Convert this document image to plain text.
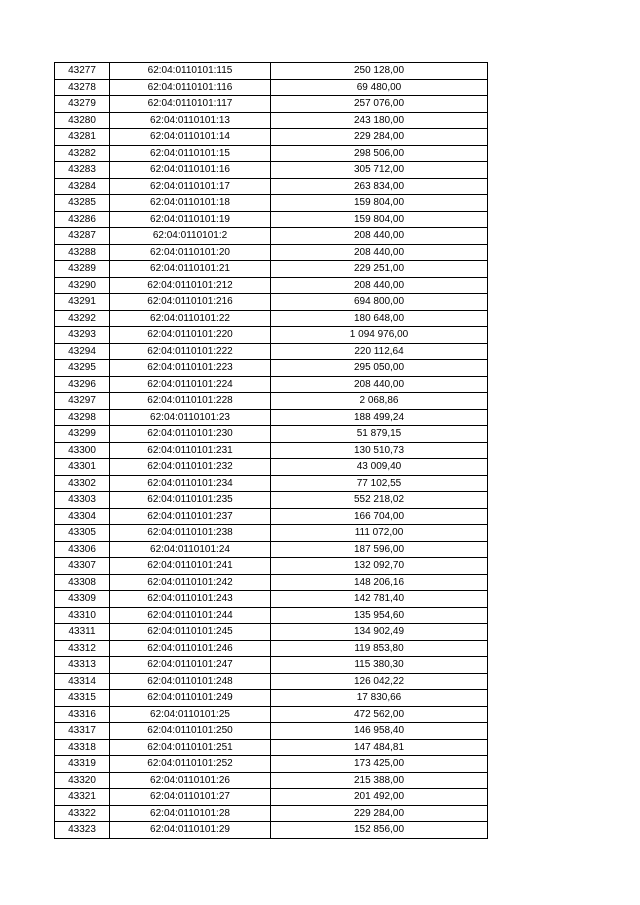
43277	62:04:0110101:115	250 128,00
43278	62:04:0110101:116	69 480,00
43279	62:04:0110101:117	257 076,00
43280	62:04:0110101:13	243 180,00
43281	62:04:0110101:14	229 284,00
43282	62:04:0110101:15	298 506,00
43283	62:04:0110101:16	305 712,00
43284	62:04:0110101:17	263 834,00
43285	62:04:0110101:18	159 804,00
43286	62:04:0110101:19	159 804,00
43287	62:04:0110101:2	208 440,00
43288	62:04:0110101:20	208 440,00
43289	62:04:0110101:21	229 251,00
43290	62:04:0110101:212	208 440,00
43291	62:04:0110101:216	694 800,00
43292	62:04:0110101:22	180 648,00
43293	62:04:0110101:220	1 094 976,00
43294	62:04:0110101:222	220 112,64
43295	62:04:0110101:223	295 050,00
43296	62:04:0110101:224	208 440,00
43297	62:04:0110101:228	2 068,86
43298	62:04:0110101:23	188 499,24
43299	62:04:0110101:230	51 879,15
43300	62:04:0110101:231	130 510,73
43301	62:04:0110101:232	43 009,40
43302	62:04:0110101:234	77 102,55
43303	62:04:0110101:235	552 218,02
43304	62:04:0110101:237	166 704,00
43305	62:04:0110101:238	111 072,00
43306	62:04:0110101:24	187 596,00
43307	62:04:0110101:241	132 092,70
43308	62:04:0110101:242	148 206,16
43309	62:04:0110101:243	142 781,40
43310	62:04:0110101:244	135 954,60
43311	62:04:0110101:245	134 902,49
43312	62:04:0110101:246	119 853,80
43313	62:04:0110101:247	115 380,30
43314	62:04:0110101:248	126 042,22
43315	62:04:0110101:249	17 830,66
43316	62:04:0110101:25	472 562,00
43317	62:04:0110101:250	146 958,40
43318	62:04:0110101:251	147 484,81
43319	62:04:0110101:252	173 425,00
43320	62:04:0110101:26	215 388,00
43321	62:04:0110101:27	201 492,00
43322	62:04:0110101:28	229 284,00
43323	62:04:0110101:29	152 856,00
